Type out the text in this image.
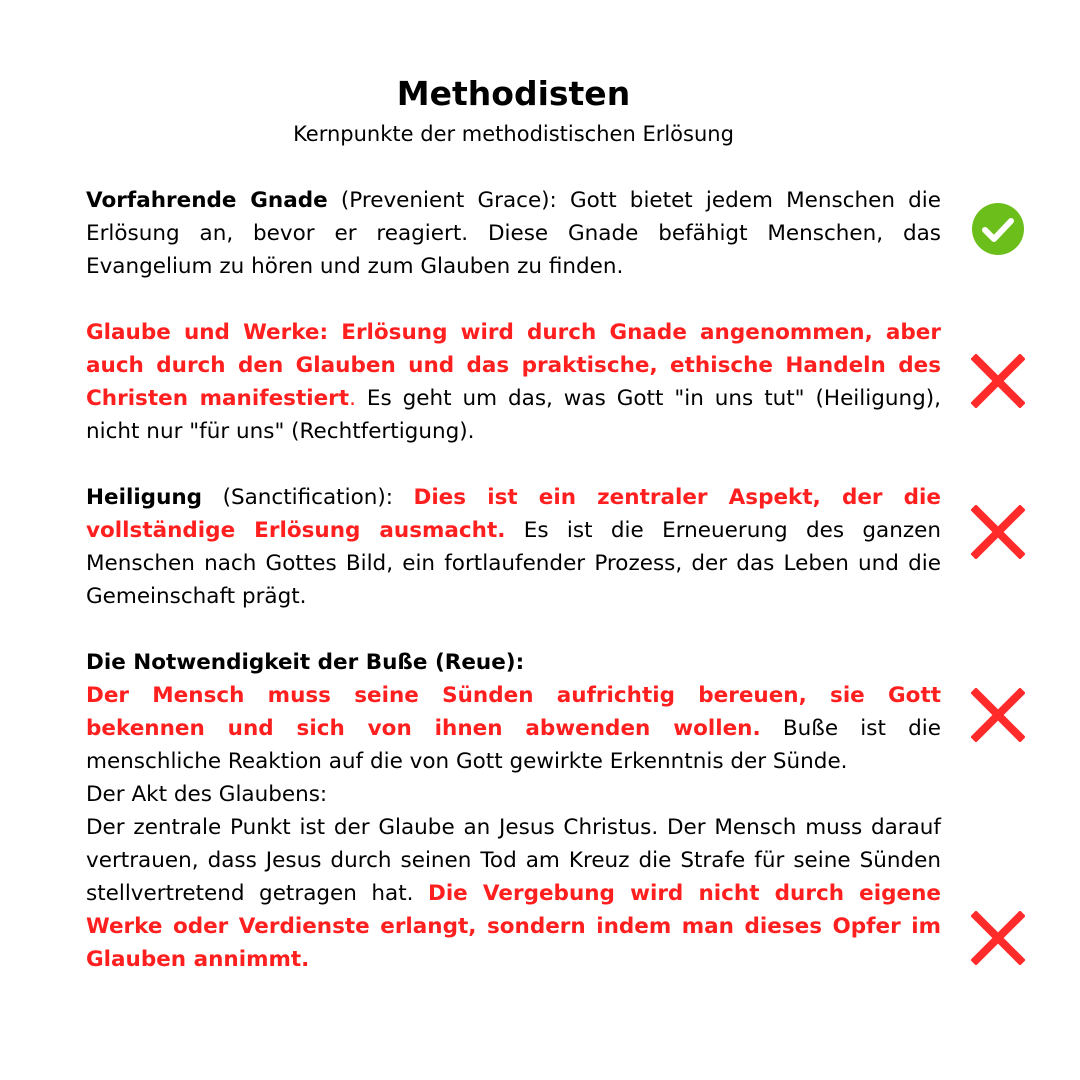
Methodisten

Kernpunkte der methodistischen Erlösung

Vorfahrende Gnade (Prevenient Grace): Gott bietet jedem Menschen die Erlösung an, bevor er reagiert. Diese Gnade befähigt Menschen, das Evangelium zu hören und zum Glauben zu finden.

Glaube und Werke: Erlösung wird durch Gnade angenommen, aber auch durch den Glauben und das praktische, ethische Handeln des Christen manifestiert. Es geht um das, was Gott "in uns tut" (Heiligung), nicht nur "für uns" (Rechtfertigung).

Heiligung (Sanctification): Dies ist ein zentraler Aspekt, der die vollständige Erlösung ausmacht. Es ist die Erneuerung des ganzen Menschen nach Gottes Bild, ein fortlaufender Prozess, der das Leben und die Gemeinschaft prägt.

Die Notwendigkeit der Buße (Reue):
Der Mensch muss seine Sünden aufrichtig bereuen, sie Gott bekennen und sich von ihnen abwenden wollen. Buße ist die menschliche Reaktion auf die von Gott gewirkte Erkenntnis der Sünde.
Der Akt des Glaubens:
Der zentrale Punkt ist der Glaube an Jesus Christus. Der Mensch muss darauf vertrauen, dass Jesus durch seinen Tod am Kreuz die Strafe für seine Sünden stellvertretend getragen hat. Die Vergebung wird nicht durch eigene Werke oder Verdienste erlangt, sondern indem man dieses Opfer im Glauben annimmt.
